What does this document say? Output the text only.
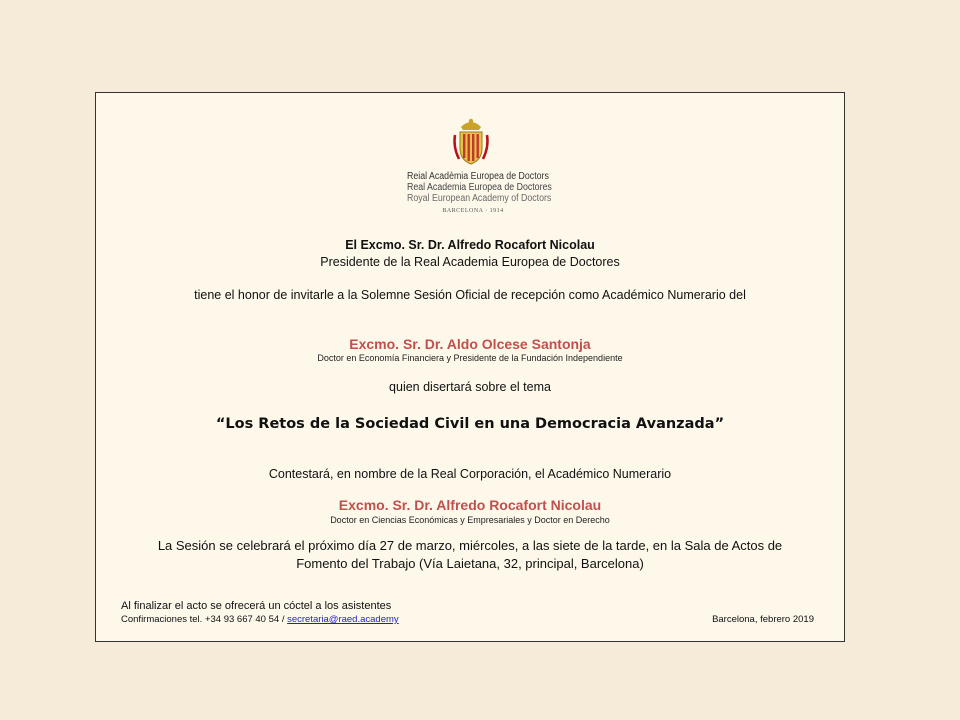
Reial Acadèmia Europea de Doctors
Real Academia Europea de Doctores
Royal European Academy of Doctors
BARCELONA · 1914
El Excmo. Sr. Dr. Alfredo Rocafort Nicolau
Presidente de la Real Academia Europea de Doctores
tiene el honor de invitarle a la Solemne Sesión Oficial de recepción como Académico Numerario del
Excmo. Sr. Dr. Aldo Olcese Santonja
Doctor en Economía Financiera y Presidente de la Fundación Independiente
quien disertará sobre el tema
“Los Retos de la Sociedad Civil en una Democracia Avanzada”
Contestará, en nombre de la Real Corporación, el Académico Numerario
Excmo. Sr. Dr. Alfredo Rocafort Nicolau
Doctor en Ciencias Económicas y Empresariales y Doctor en Derecho
La Sesión se celebrará el próximo día 27 de marzo, miércoles, a las siete de la tarde, en la Sala de Actos de
Fomento del Trabajo (Vía Laietana, 32, principal, Barcelona)
Al finalizar el acto se ofrecerá un cóctel a los asistentes
Confirmaciones tel. +34 93 667 40 54 / secretaria@raed.academy	Barcelona, febrero 2019
